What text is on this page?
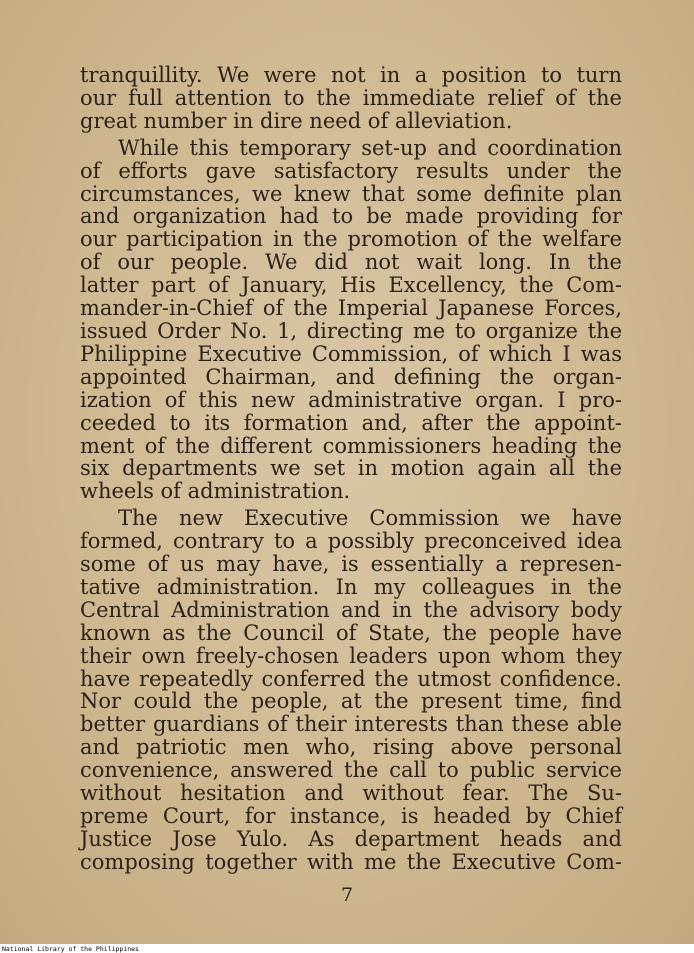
tranquillity. We were not in a position to turn
our full attention to the immediate relief of the
great number in dire need of alleviation.
While this temporary set-up and coordination
of efforts gave satisfactory results under the
circumstances, we knew that some definite plan
and organization had to be made providing for
our participation in the promotion of the welfare
of our people. We did not wait long. In the
latter part of January, His Excellency, the Com-
mander-in-Chief of the Imperial Japanese Forces,
issued Order No. 1, directing me to organize the
Philippine Executive Commission, of which I was
appointed Chairman, and defining the organ-
ization of this new administrative organ. I pro-
ceeded to its formation and, after the appoint-
ment of the different commissioners heading the
six departments we set in motion again all the
wheels of administration.
The new Executive Commission we have
formed, contrary to a possibly preconceived idea
some of us may have, is essentially a represen-
tative administration. In my colleagues in the
Central Administration and in the advisory body
known as the Council of State, the people have
their own freely-chosen leaders upon whom they
have repeatedly conferred the utmost confidence.
Nor could the people, at the present time, find
better guardians of their interests than these able
and patriotic men who, rising above personal
convenience, answered the call to public service
without hesitation and without fear. The Su-
preme Court, for instance, is headed by Chief
Justice Jose Yulo. As department heads and
composing together with me the Executive Com-
7
National Library of the Philippines
